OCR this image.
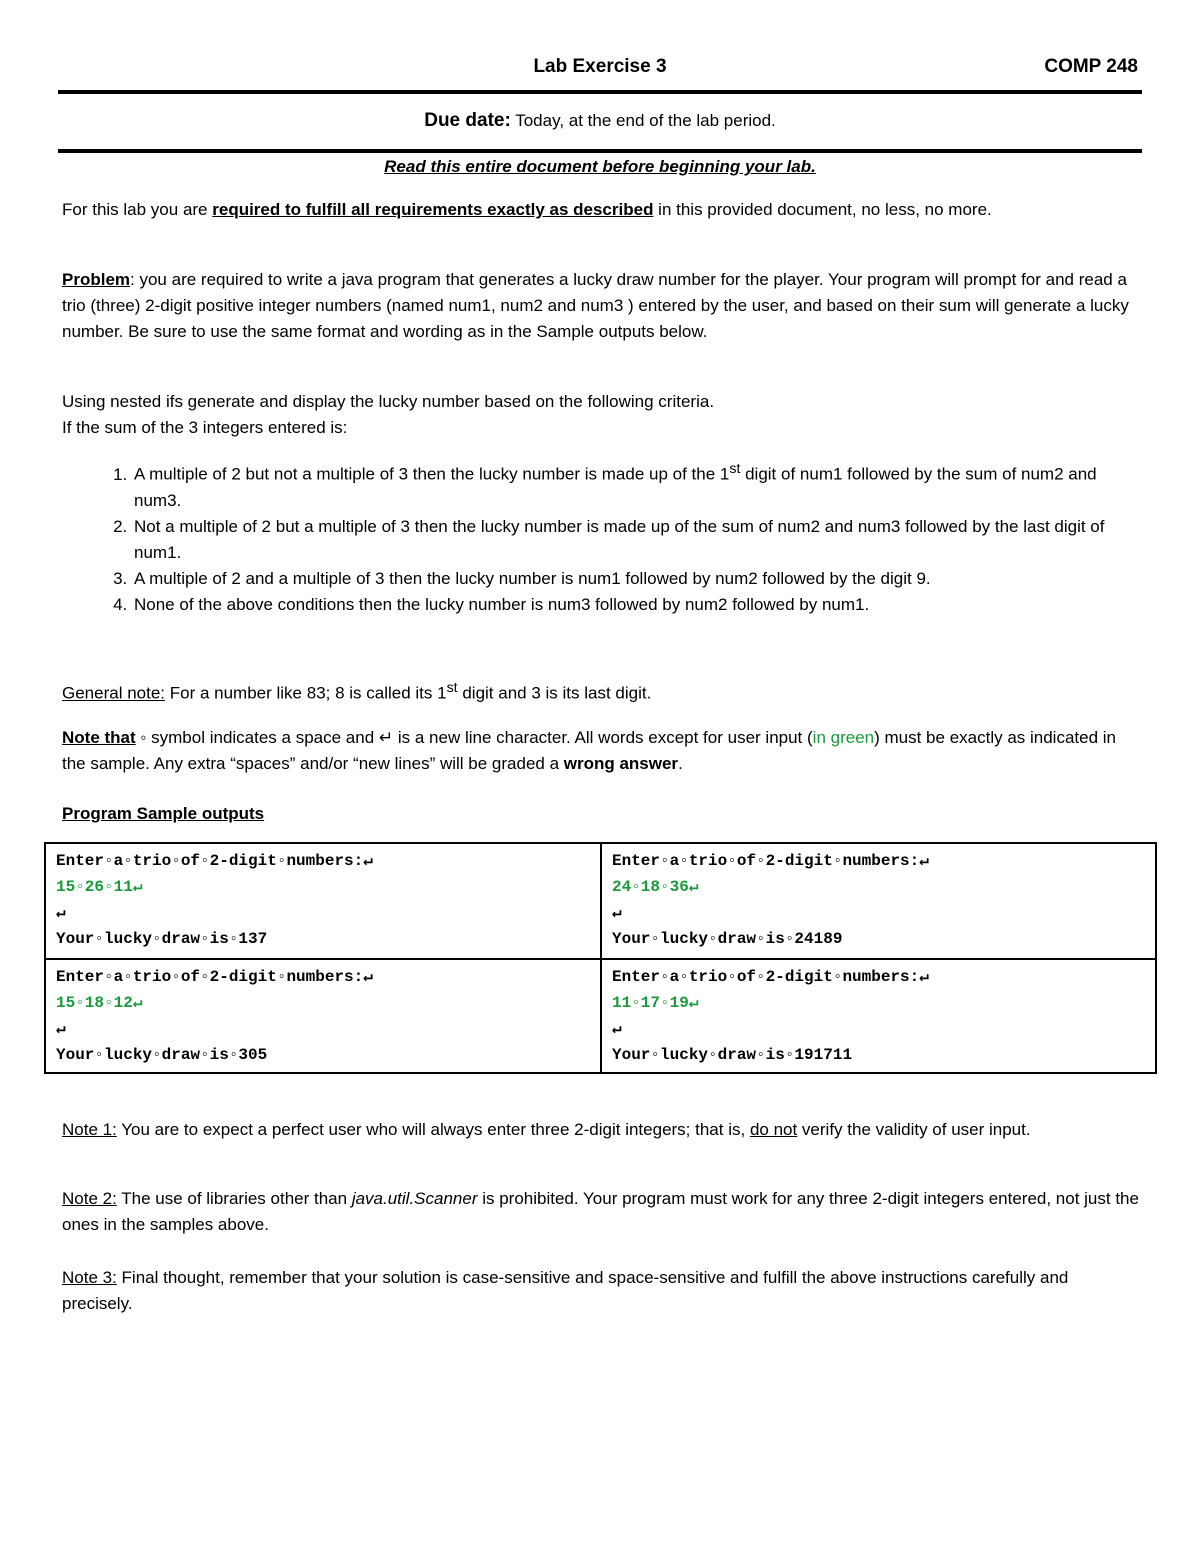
Lab Exercise 3	COMP 248
Due date: Today, at the end of the lab period.
Read this entire document before beginning your lab.
For this lab you are required to fulfill all requirements exactly as described in this provided document, no less, no more.
Problem: you are required to write a java program that generates a lucky draw number for the player. Your program will prompt for and read a trio (three) 2-digit positive integer numbers (named num1, num2 and num3 ) entered by the user, and based on their sum will generate a lucky number. Be sure to use the same format and wording as in the Sample outputs below.
Using nested ifs generate and display the lucky number based on the following criteria.
If the sum of the 3 integers entered is:
1. A multiple of 2 but not a multiple of 3 then the lucky number is made up of the 1st digit of num1 followed by the sum of num2 and num3.
2. Not a multiple of 2 but a multiple of 3 then the lucky number is made up of the sum of num2 and num3 followed by the last digit of num1.
3. A multiple of 2 and a multiple of 3 then the lucky number is num1 followed by num2 followed by the digit 9.
4. None of the above conditions then the lucky number is num3 followed by num2 followed by num1.
General note: For a number like 83; 8 is called its 1st digit and 3 is its last digit.
Note that ◦ symbol indicates a space and ↵ is a new line character. All words except for user input (in green) must be exactly as indicated in the sample. Any extra “spaces” and/or “new lines” will be graded a wrong answer.
Program Sample outputs
Enter◦a◦trio◦of◦2-digit◦numbers:↵
15◦26◦11↵
↵
Your◦lucky◦draw◦is◦137
Enter◦a◦trio◦of◦2-digit◦numbers:↵
24◦18◦36↵
↵
Your◦lucky◦draw◦is◦24189
Enter◦a◦trio◦of◦2-digit◦numbers:↵
15◦18◦12↵
↵
Your◦lucky◦draw◦is◦305
Enter◦a◦trio◦of◦2-digit◦numbers:↵
11◦17◦19↵
↵
Your◦lucky◦draw◦is◦191711
Note 1: You are to expect a perfect user who will always enter three 2-digit integers; that is, do not verify the validity of user input.
Note 2: The use of libraries other than java.util.Scanner is prohibited. Your program must work for any three 2-digit integers entered, not just the ones in the samples above.
Note 3: Final thought, remember that your solution is case-sensitive and space-sensitive and fulfill the above instructions carefully and precisely.
